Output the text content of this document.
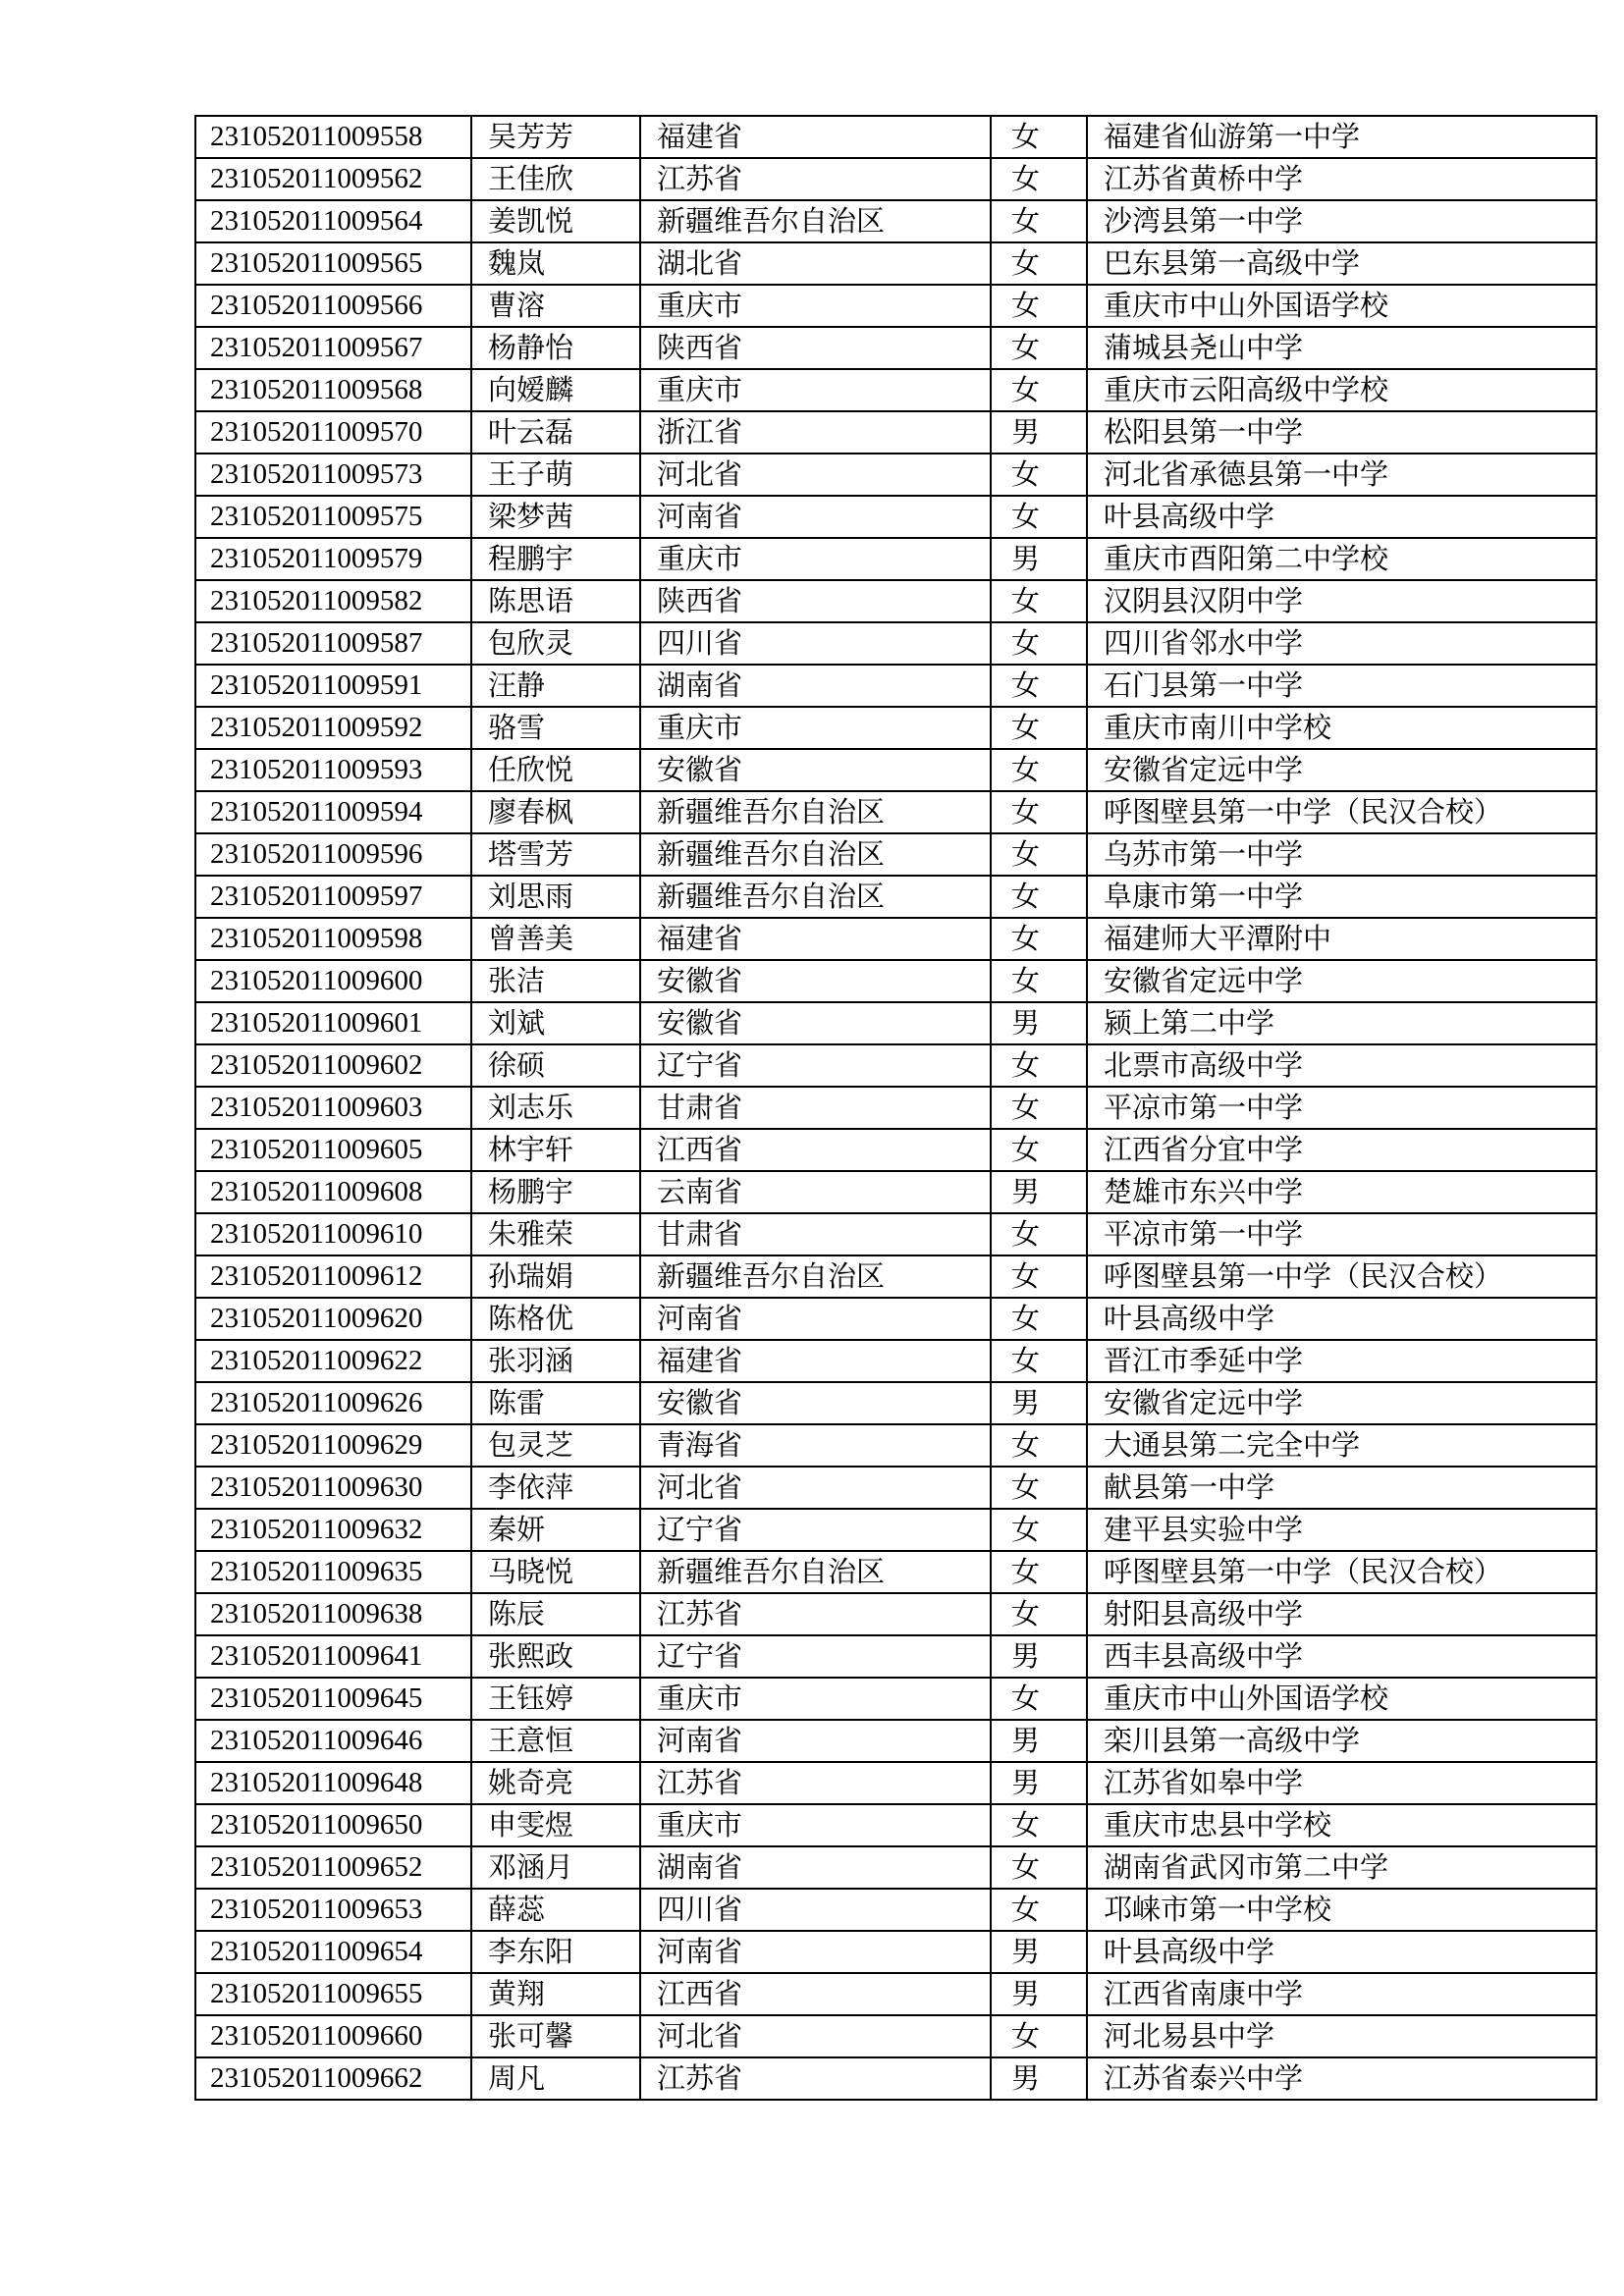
231052011009558	吴芳芳	福建省	女	福建省仙游第一中学
231052011009562	王佳欣	江苏省	女	江苏省黄桥中学
231052011009564	姜凯悦	新疆维吾尔自治区	女	沙湾县第一中学
231052011009565	魏岚	湖北省	女	巴东县第一高级中学
231052011009566	曹溶	重庆市	女	重庆市中山外国语学校
231052011009567	杨静怡	陕西省	女	蒲城县尧山中学
231052011009568	向嫒麟	重庆市	女	重庆市云阳高级中学校
231052011009570	叶云磊	浙江省	男	松阳县第一中学
231052011009573	王子萌	河北省	女	河北省承德县第一中学
231052011009575	梁梦茜	河南省	女	叶县高级中学
231052011009579	程鹏宇	重庆市	男	重庆市酉阳第二中学校
231052011009582	陈思语	陕西省	女	汉阴县汉阴中学
231052011009587	包欣灵	四川省	女	四川省邻水中学
231052011009591	汪静	湖南省	女	石门县第一中学
231052011009592	骆雪	重庆市	女	重庆市南川中学校
231052011009593	任欣悦	安徽省	女	安徽省定远中学
231052011009594	廖春枫	新疆维吾尔自治区	女	呼图壁县第一中学（民汉合校）
231052011009596	塔雪芳	新疆维吾尔自治区	女	乌苏市第一中学
231052011009597	刘思雨	新疆维吾尔自治区	女	阜康市第一中学
231052011009598	曾善美	福建省	女	福建师大平潭附中
231052011009600	张洁	安徽省	女	安徽省定远中学
231052011009601	刘斌	安徽省	男	颍上第二中学
231052011009602	徐硕	辽宁省	女	北票市高级中学
231052011009603	刘志乐	甘肃省	女	平凉市第一中学
231052011009605	林宇轩	江西省	女	江西省分宜中学
231052011009608	杨鹏宇	云南省	男	楚雄市东兴中学
231052011009610	朱雅荣	甘肃省	女	平凉市第一中学
231052011009612	孙瑞娟	新疆维吾尔自治区	女	呼图壁县第一中学（民汉合校）
231052011009620	陈格优	河南省	女	叶县高级中学
231052011009622	张羽涵	福建省	女	晋江市季延中学
231052011009626	陈雷	安徽省	男	安徽省定远中学
231052011009629	包灵芝	青海省	女	大通县第二完全中学
231052011009630	李依萍	河北省	女	献县第一中学
231052011009632	秦妍	辽宁省	女	建平县实验中学
231052011009635	马晓悦	新疆维吾尔自治区	女	呼图壁县第一中学（民汉合校）
231052011009638	陈辰	江苏省	女	射阳县高级中学
231052011009641	张熙政	辽宁省	男	西丰县高级中学
231052011009645	王钰婷	重庆市	女	重庆市中山外国语学校
231052011009646	王意恒	河南省	男	栾川县第一高级中学
231052011009648	姚奇亮	江苏省	男	江苏省如皋中学
231052011009650	申雯煜	重庆市	女	重庆市忠县中学校
231052011009652	邓涵月	湖南省	女	湖南省武冈市第二中学
231052011009653	薛蕊	四川省	女	邛崃市第一中学校
231052011009654	李东阳	河南省	男	叶县高级中学
231052011009655	黄翔	江西省	男	江西省南康中学
231052011009660	张可馨	河北省	女	河北易县中学
231052011009662	周凡	江苏省	男	江苏省泰兴中学
